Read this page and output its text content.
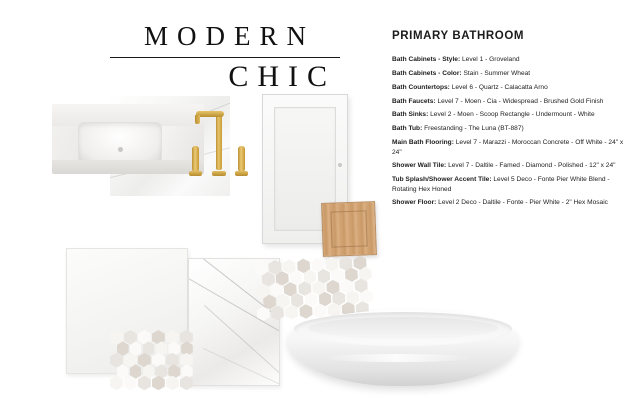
MODERN
CHIC
PRIMARY BATHROOM
Bath Cabinets - Style: Level 1 - Groveland
Bath Cabinets - Color: Stain - Summer Wheat
Bath Countertops: Level 6 - Quartz - Calacatta Arno
Bath Faucets: Level 7 - Moen - Cia - Widespread - Brushed Gold Finish
Bath Sinks: Level 2 - Moen - Scoop Rectangle - Undermount - White
Bath Tub: Freestanding - The Luna (BT-887)
Main Bath Flooring: Level 7 - Marazzi - Moroccan Concrete - Off White - 24" x 24"
Shower Wall Tile: Level 7 - Daltile - Famed - Diamond - Polished - 12" x 24"
Tub Splash/Shower Accent Tile: Level 5 Deco - Fonte Pier White Blend - Rotating Hex Honed
Shower Floor: Level 2 Deco - Daltile - Fonte - Pier White - 2" Hex Mosaic
